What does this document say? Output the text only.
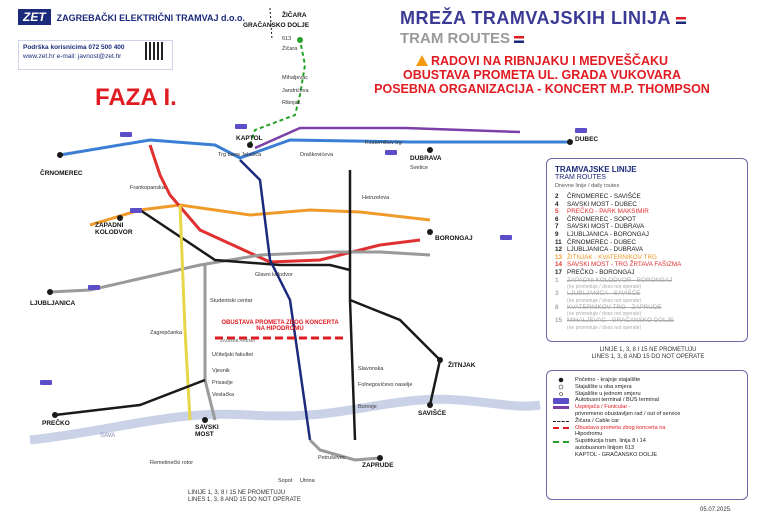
ZET ZAGREBAČKI ELEKTRIČNI TRAMVAJ d.o.o.
Podrška korisnicima 072 500 400
www.zet.hr e-mail: javnost@zet.hr
FAZA I.
MREŽA TRAMVAJSKIH LINIJA
TRAM ROUTES
RADOVI NA RIBNJAKU I MEDVEŠČAKU
OBUSTAVA PROMETA UL. GRADA VUKOVARA
POSEBNA ORGANIZACIJA - KONCERT M.P. THOMPSON
SAVA
ČRNOMEREC
DUBEC
ZAPADNI KOLODVOR
LJUBLJANICA
PREČKO
SAVIŠĆE
BORONGAJ
DUBRAVA
ŽITNJAK
ZAPRUDE
KAPTOL
SAVSKI MOST
Trg bana Jelačića
Frankopanska
Glavni kolodvor
Studentski centar
Zagrepčanka
Učiteljski fakultet
Vjesnik
Prisavlje
Veslačka
Draškovićeva
Kvaternikov trg
Svetice
Heinzelova
Slavonska
Folnegovićevo naselje
Borovje
Petruševec
Mihaljevac
GRAČANSKO DOLJE
Remetinečki rotor
Sopot Utrina
Jandrićeva
Ribnjak
ŽIČARA
613
Žičara
OBUSTAVA PROMETA ZBOG KONCERTA
NA HIPODROMU
ZAGREB ARENA
TRAMVAJSKE LINIJE
TRAM ROUTES
Dnevne linije / daily routes
2 ČRNOMEREC - SAVIŠĆE
4 SAVSKI MOST - DUBEC
5 PREČKO - PARK MAKSIMIR
6 ČRNOMEREC - SOPOT
7 SAVSKI MOST - DUBRAVA
9 LJUBLJANICA - BORONGAJ
11 ČRNOMEREC - DUBEC
12 LJUBLJANICA - DUBRAVA
13 ŽITNJAK - KVATERNIKOV TRG
14 SAVSKI MOST - TRG ŽRTAVA FAŠIZMA
17 PREČKO - BORONGAJ
1 ZAPADNI KOLODVOR - BORONGAJ
(ne prometuje / does not operate)
3 LJUBLJANICA - SAVIŠĆE
(ne prometuje / does not operate)
8 KVATERNIKOV TRG - ZAPRUDE
(ne prometuje / does not operate)
15 MIHALJEVAC - GRAČANSKO DOLJE
(ne prometuje / does not operate)
LINIJE 1, 3, 8 I 15 NE PROMETUJU
LINES 1, 3, 8 AND 15 DO NOT OPERATE
Početno - krajnje stajalište
Stajalište u oba smjera
Stajalište u jednom smjeru
Autobusni terminal / BUS terminal
Uspinjača / Funicular -
privremeno obustavljen rad / out of service
Žičara / Cable car
Obustava prometa zbog koncerta na
Hipodromu
Supstitucija tram. linija 8 i 14
autobusnom linijom 613
KAPTOL - GRAČANSKO DOLJE
LINIJE 1, 3, 8 I 15 NE PROMETUJU
LINES 1, 3, 8 AND 15 DO NOT OPERATE
05.07.2025.
